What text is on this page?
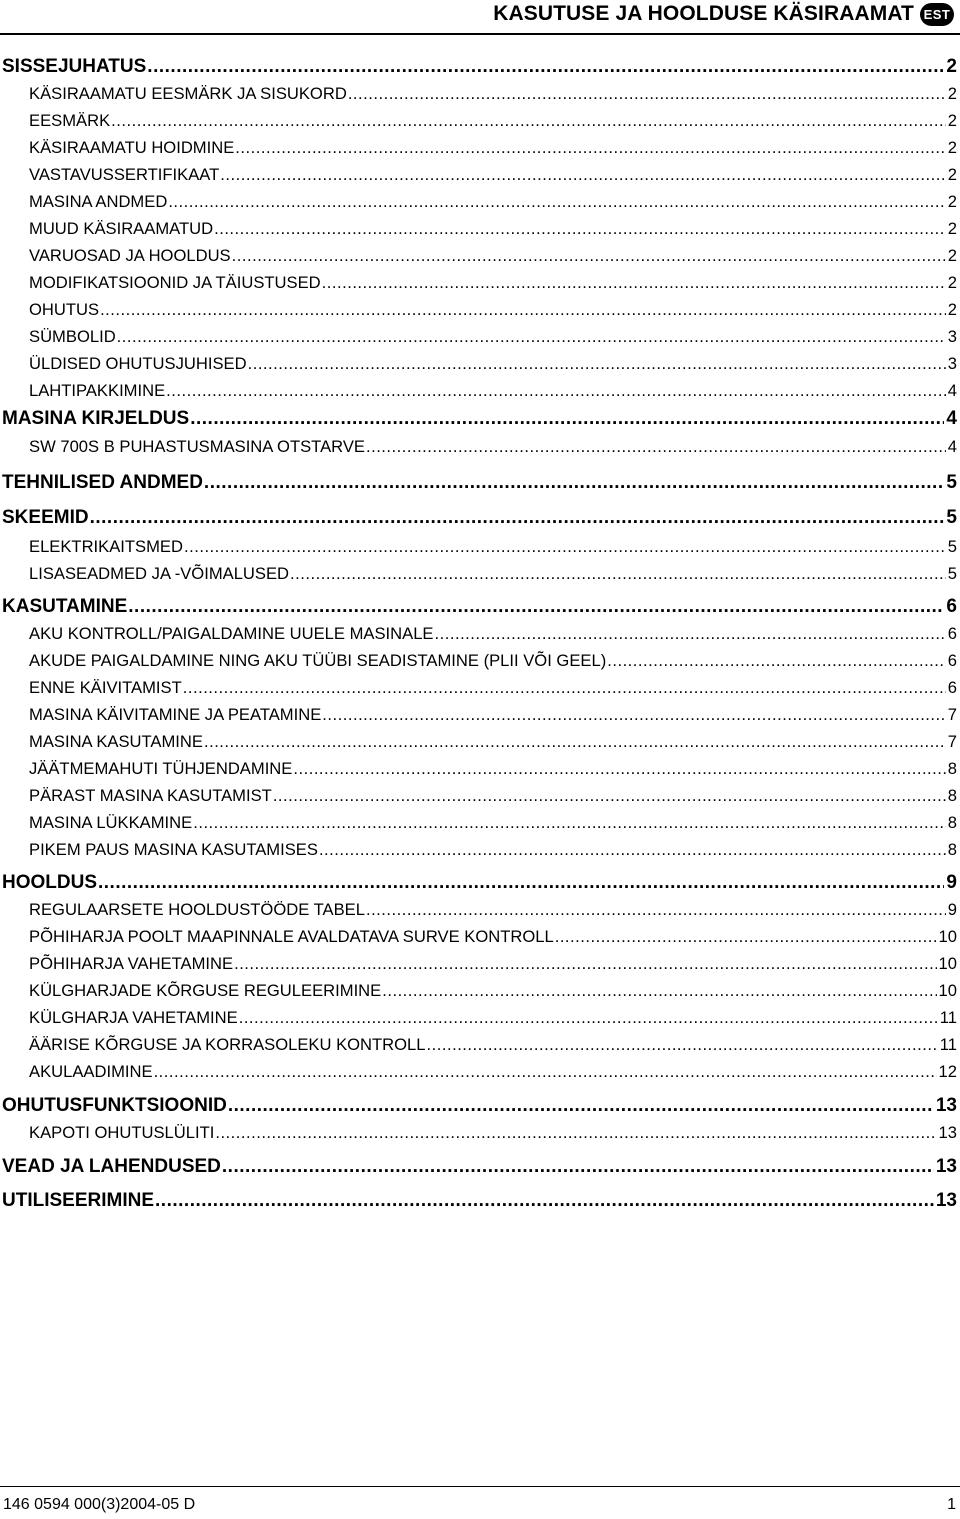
KASUTUSE JA HOOLDUSE KÄSIRAAMAT EST
SISSEJUHATUS .....	2
KÄSIRAAMATU EESMÄRK JA SISUKORD .....	2
EESMÄRK .....	2
KÄSIRAAMATU HOIDMINE .....	2
VASTAVUSSERTIFIKAAT .....	2
MASINA ANDMED .....	2
MUUD KÄSIRAAMATUD .....	2
VARUOSAD JA HOOLDUS .....	2
MODIFIKATSIOONID JA TÄIUSTUSED .....	2
OHUTUS .....	2
SÜMBOLID .....	3
ÜLDISED OHUTUSJUHISED .....	3
LAHTIPAKKIMINE .....	4
MASINA KIRJELDUS .....	4
SW 700S B PUHASTUSMASINA OTSTARVE .....	4
TEHNILISED ANDMED .....	5
SKEEMID .....	5
ELEKTRIKAITSMED .....	5
LISASEADMED JA -VÕIMALUSED .....	5
KASUTAMINE .....	6
AKU KONTROLL/PAIGALDAMINE UUELE MASINALE .....	6
AKUDE PAIGALDAMINE NING AKU TÜÜBI SEADISTAMINE (PLII VÕI GEEL) .....	6
ENNE KÄIVITAMIST .....	6
MASINA KÄIVITAMINE JA PEATAMINE .....	7
MASINA KASUTAMINE .....	7
JÄÄTMEMAHUTI TÜHJENDAMINE .....	8
PÄRAST MASINA KASUTAMIST .....	8
MASINA LÜKKAMINE .....	8
PIKEM PAUS MASINA KASUTAMISES .....	8
HOOLDUS .....	9
REGULAARSETE HOOLDUSTÖÖDE TABEL .....	9
PÕHIHARJA POOLT MAAPINNALE AVALDATAVA SURVE KONTROLL .....	10
PÕHIHARJA VAHETAMINE .....	10
KÜLGHARJADE KÕRGUSE REGULEERIMINE .....	10
KÜLGHARJA VAHETAMINE .....	11
ÄÄRISE KÕRGUSE JA KORRASOLEKU KONTROLL .....	11
AKULAADIMINE .....	12
OHUTUSFUNKTSIOONID .....	13
KAPOTI OHUTUSLÜLITI .....	13
VEAD JA LAHENDUSED .....	13
UTILISEERIMINE .....	13
146 0594 000(3)2004-05 D	1
